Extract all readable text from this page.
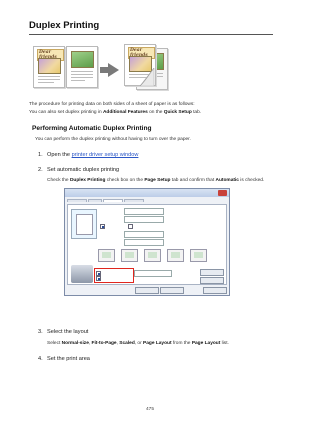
Duplex Printing
Dear	Dear
The procedure for printing data on both sides of a sheet of paper is as follows:
You can also set duplex printing in Additional Features on the Quick Setup tab.
Performing Automatic Duplex Printing
You can perform the duplex printing without having to turn over the paper.
1. Open the printer driver setup window
2. Set automatic duplex printing
Check the Duplex Printing check box on the Page Setup tab and confirm that Automatic is checked.
3. Select the layout
Select Normal-size, Fit-to-Page, Scaled, or Page Layout from the Page Layout list.
4. Set the print area
475
